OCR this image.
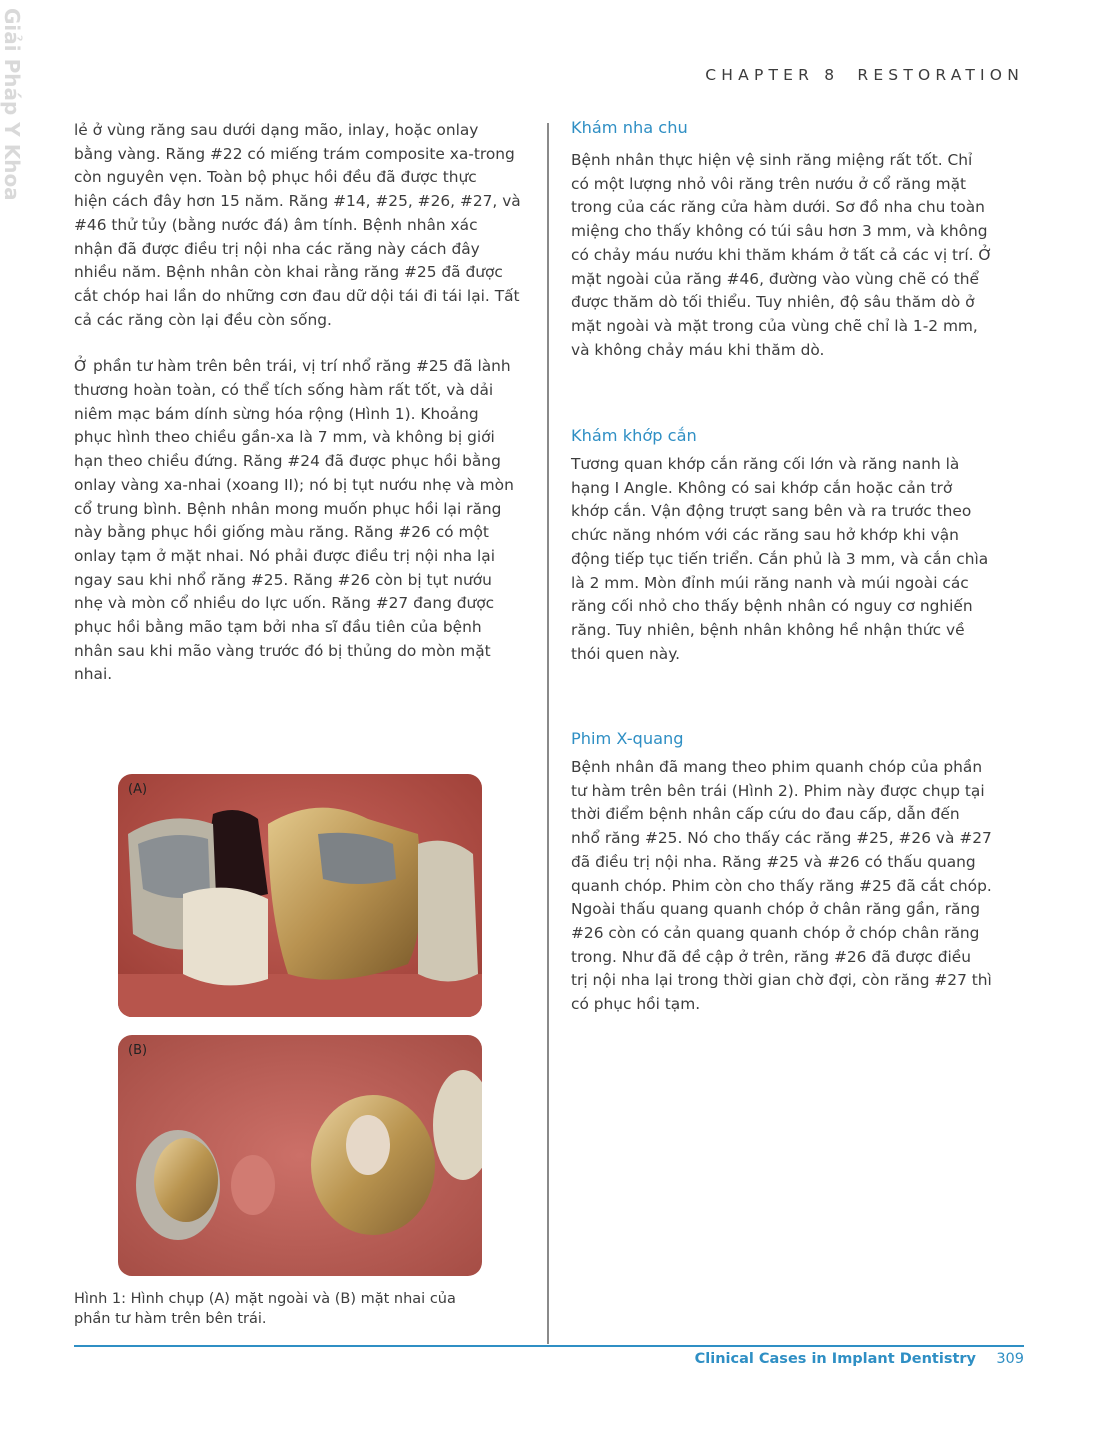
Giải Pháp Y Khoa	CHAPTER 8 RESTORATION

lẻ ở vùng răng sau dưới dạng mão, inlay, hoặc onlay

bằng vàng. Răng #22 có miếng trám composite xa-trong

còn nguyên vẹn. Toàn bộ phục hồi đều đã được thực

hiện cách đây hơn 15 năm. Răng #14, #25, #26, #27, và

#46 thử tủy (bằng nước đá) âm tính. Bệnh nhân xác

nhận đã được điều trị nội nha các răng này cách đây

nhiều năm. Bệnh nhân còn khai rằng răng #25 đã được

cắt chóp hai lần do những cơn đau dữ dội tái đi tái lại. Tất

cả các răng còn lại đều còn sống.

Ở phần tư hàm trên bên trái, vị trí nhổ răng #25 đã lành

thương hoàn toàn, có thể tích sống hàm rất tốt, và dải

niêm mạc bám dính sừng hóa rộng (Hình 1). Khoảng

phục hình theo chiều gần-xa là 7 mm, và không bị giới

hạn theo chiều đứng. Răng #24 đã được phục hồi bằng

onlay vàng xa-nhai (xoang II); nó bị tụt nướu nhẹ và mòn

cổ trung bình. Bệnh nhân mong muốn phục hồi lại răng

này bằng phục hồi giống màu răng. Răng #26 có một

onlay tạm ở mặt nhai. Nó phải được điều trị nội nha lại

ngay sau khi nhổ răng #25. Răng #26 còn bị tụt nướu

nhẹ và mòn cổ nhiều do lực uốn. Răng #27 đang được

phục hồi bằng mão tạm bởi nha sĩ đầu tiên của bệnh

nhân sau khi mão vàng trước đó bị thủng do mòn mặt

nhai.

(A)
(B)

Hình 1: Hình chụp (A) mặt ngoài và (B) mặt nhai của

phần tư hàm trên bên trái.

Khám nha chu

Bệnh nhân thực hiện vệ sinh răng miệng rất tốt. Chỉ

có một lượng nhỏ vôi răng trên nướu ở cổ răng mặt

trong của các răng cửa hàm dưới. Sơ đồ nha chu toàn

miệng cho thấy không có túi sâu hơn 3 mm, và không

có chảy máu nướu khi thăm khám ở tất cả các vị trí. Ở

mặt ngoài của răng #46, đường vào vùng chẽ có thể

được thăm dò tối thiểu. Tuy nhiên, độ sâu thăm dò ở

mặt ngoài và mặt trong của vùng chẽ chỉ là 1-2 mm,

và không chảy máu khi thăm dò.

Khám khớp cắn

Tương quan khớp cắn răng cối lớn và răng nanh là

hạng I Angle. Không có sai khớp cắn hoặc cản trở

khớp cắn. Vận động trượt sang bên và ra trước theo

chức năng nhóm với các răng sau hở khớp khi vận

động tiếp tục tiến triển. Cắn phủ là 3 mm, và cắn chìa

là 2 mm. Mòn đỉnh múi răng nanh và múi ngoài các

răng cối nhỏ cho thấy bệnh nhân có nguy cơ nghiến

răng. Tuy nhiên, bệnh nhân không hề nhận thức về

thói quen này.

Phim X-quang

Bệnh nhân đã mang theo phim quanh chóp của phần

tư hàm trên bên trái (Hình 2). Phim này được chụp tại

thời điểm bệnh nhân cấp cứu do đau cấp, dẫn đến

nhổ răng #25. Nó cho thấy các răng #25, #26 và #27

đã điều trị nội nha. Răng #25 và #26 có thấu quang

quanh chóp. Phim còn cho thấy răng #25 đã cắt chóp.

Ngoài thấu quang quanh chóp ở chân răng gần, răng

#26 còn có cản quang quanh chóp ở chóp chân răng

trong. Như đã đề cập ở trên, răng #26 đã được điều

trị nội nha lại trong thời gian chờ đợi, còn răng #27 thì

có phục hồi tạm.

Clinical Cases in Implant Dentistry 309
